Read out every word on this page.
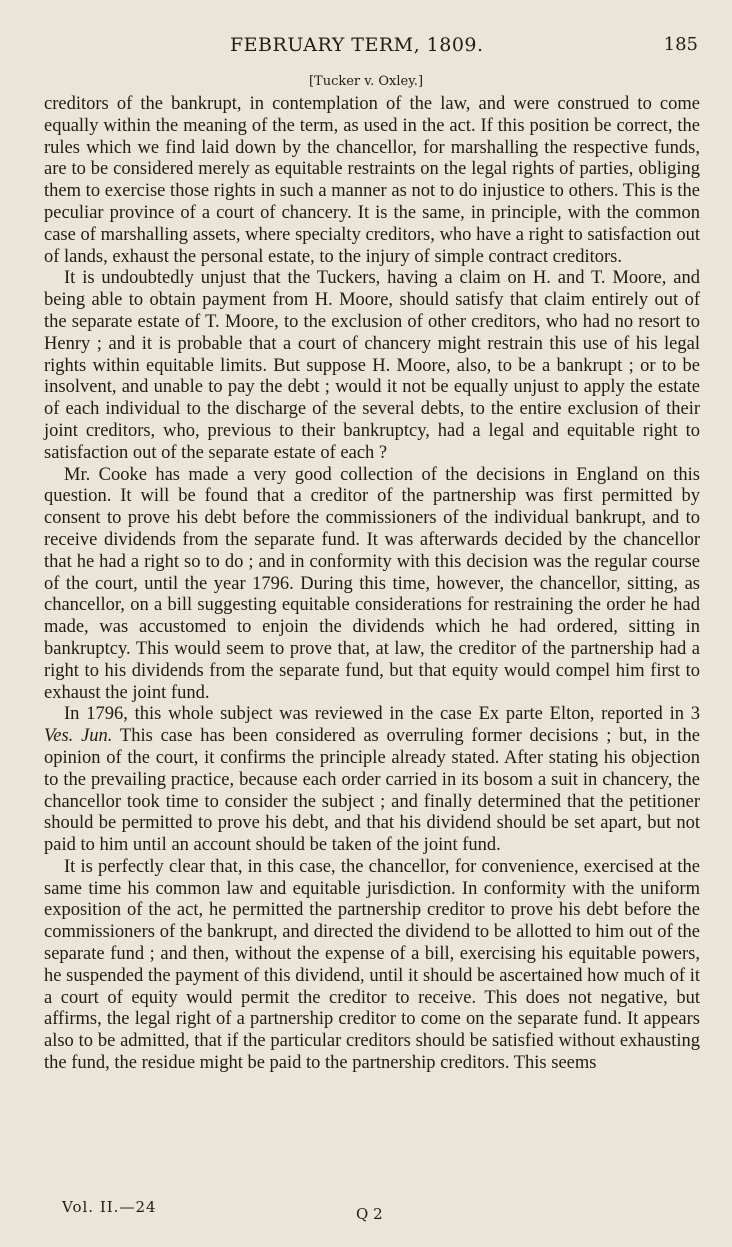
FEBRUARY TERM, 1809.	185
[Tucker v. Oxley.]

creditors of the bankrupt, in contemplation of the law, and were construed to come equally within the meaning of the term, as used in the act. If this position be correct, the rules which we find laid down by the chancellor, for marshalling the respective funds, are to be considered merely as equitable restraints on the legal rights of parties, obliging them to exercise those rights in such a manner as not to do injustice to others. This is the peculiar province of a court of chancery. It is the same, in principle, with the common case of marshalling assets, where specialty creditors, who have a right to satisfaction out of lands, exhaust the personal estate, to the injury of simple contract creditors.

It is undoubtedly unjust that the Tuckers, having a claim on H. and T. Moore, and being able to obtain payment from H. Moore, should satisfy that claim entirely out of the separate estate of T. Moore, to the exclusion of other creditors, who had no resort to Henry ; and it is probable that a court of chancery might restrain this use of his legal rights within equitable limits. But suppose H. Moore, also, to be a bankrupt ; or to be insolvent, and unable to pay the debt ; would it not be equally unjust to apply the estate of each individual to the discharge of the several debts, to the entire exclusion of their joint creditors, who, previous to their bankruptcy, had a legal and equitable right to satisfaction out of the separate estate of each ?

Mr. Cooke has made a very good collection of the decisions in England on this question. It will be found that a creditor of the partnership was first permitted by consent to prove his debt before the commissioners of the individual bankrupt, and to receive dividends from the separate fund. It was afterwards decided by the chancellor that he had a right so to do ; and in conformity with this decision was the regular course of the court, until the year 1796. During this time, however, the chancellor, sitting, as chancellor, on a bill suggesting equitable considerations for restraining the order he had made, was accustomed to enjoin the dividends which he had ordered, sitting in bankruptcy. This would seem to prove that, at law, the creditor of the partnership had a right to his dividends from the separate fund, but that equity would compel him first to exhaust the joint fund.

In 1796, this whole subject was reviewed in the case Ex parte Elton, reported in 3 Ves. Jun. This case has been considered as overruling former decisions ; but, in the opinion of the court, it confirms the principle already stated. After stating his objection to the prevailing practice, because each order carried in its bosom a suit in chancery, the chancellor took time to consider the subject ; and finally determined that the petitioner should be permitted to prove his debt, and that his dividend should be set apart, but not paid to him until an account should be taken of the joint fund.

It is perfectly clear that, in this case, the chancellor, for convenience, exercised at the same time his common law and equitable jurisdiction. In conformity with the uniform exposition of the act, he permitted the partnership creditor to prove his debt before the commissioners of the bankrupt, and directed the dividend to be allotted to him out of the separate fund ; and then, without the expense of a bill, exercising his equitable powers, he suspended the payment of this dividend, until it should be ascertained how much of it a court of equity would permit the creditor to receive. This does not negative, but affirms, the legal right of a partnership creditor to come on the separate fund. It appears also to be admitted, that if the particular creditors should be satisfied without exhausting the fund, the residue might be paid to the partnership creditors. This seems

Vol. II.—24	Q 2
